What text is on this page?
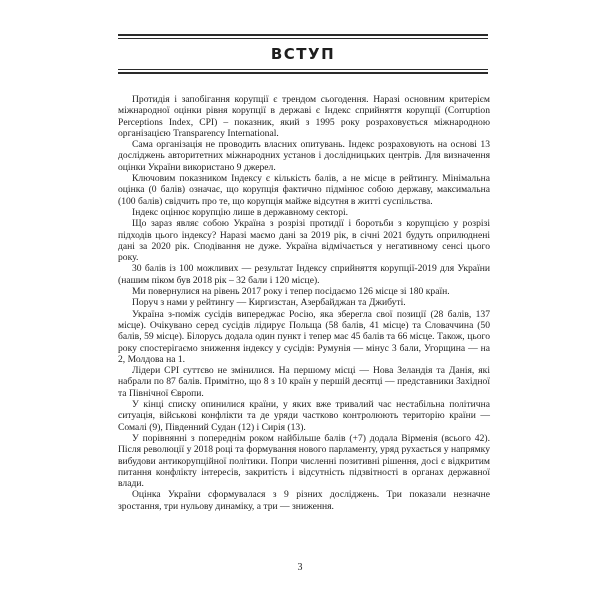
ВСТУП

Протидія і запобігання корупції є трендом сьогодення. Наразі основним критерієм міжнародної оцінки рівня корупції в державі є Індекс сприйняття корупції (Corruption Perceptions Index, CPI) – показник, який з 1995 року розраховується міжнародною організацією Transparency International.

Сама організація не проводить власних опитувань. Індекс розраховують на основі 13 досліджень авторитетних міжнародних установ і дослідницьких центрів. Для визначення оцінки України використано 9 джерел.

Ключовим показником Індексу є кількість балів, а не місце в рейтингу. Мінімальна оцінка (0 балів) означає, що корупція фактично підмінює собою державу, максимальна (100 балів) свідчить про те, що корупція майже відсутня в житті суспільства.

Індекс оцінює корупцію лише в державному секторі.

Що зараз являє собою Україна з розрізі протидії і боротьби з корупцією у розрізі підходів цього індексу? Наразі маємо дані за 2019 рік, в січні 2021 будуть оприлюднені дані за 2020 рік. Сподівання не дуже. Україна відмічається у негативному сенсі цього року.

30 балів із 100 можливих — результат Індексу сприйняття корупції-2019 для України (нашим піком був 2018 рік – 32 бали і 120 місце).

Ми повернулися на рівень 2017 року і тепер посідаємо 126 місце зі 180 країн.

Поруч з нами у рейтингу — Киргизстан, Азербайджан та Джибуті.

Україна з-поміж сусідів випереджає Росію, яка зберегла свої позиції (28 балів, 137 місце). Очікувано серед сусідів лідирує Польща (58 балів, 41 місце) та Словаччина (50 балів, 59 місце). Білорусь додала один пункт і тепер має 45 балів та 66 місце. Також, цього року спостерігаємо зниження індексу у сусідів: Румунія — мінус 3 бали, Угорщина — на 2, Молдова на 1.

Лідери CPI суттєво не змінилися. На першому місці — Нова Зеландія та Данія, які набрали по 87 балів. Примітно, що 8 з 10 країн у першій десятці — представники Західної та Північної Європи.

У кінці списку опинилися країни, у яких вже тривалий час нестабільна політична ситуація, військові конфлікти та де уряди частково контролюють територію країни — Сомалі (9), Південний Судан (12) і Сирія (13).

У порівнянні з попереднім роком найбільше балів (+7) додала Вірменія (всього 42). Після революції у 2018 році та формування нового парламенту, уряд рухається у напрямку вибудови антикорупційної політики. Попри численні позитивні рішення, досі є відкритим питання конфлікту інтересів, закритість і відсутність підзвітності в органах державної влади.

Оцінка України сформувалася з 9 різних досліджень. Три показали незначне зростання, три нульову динаміку, а три — зниження.

3
